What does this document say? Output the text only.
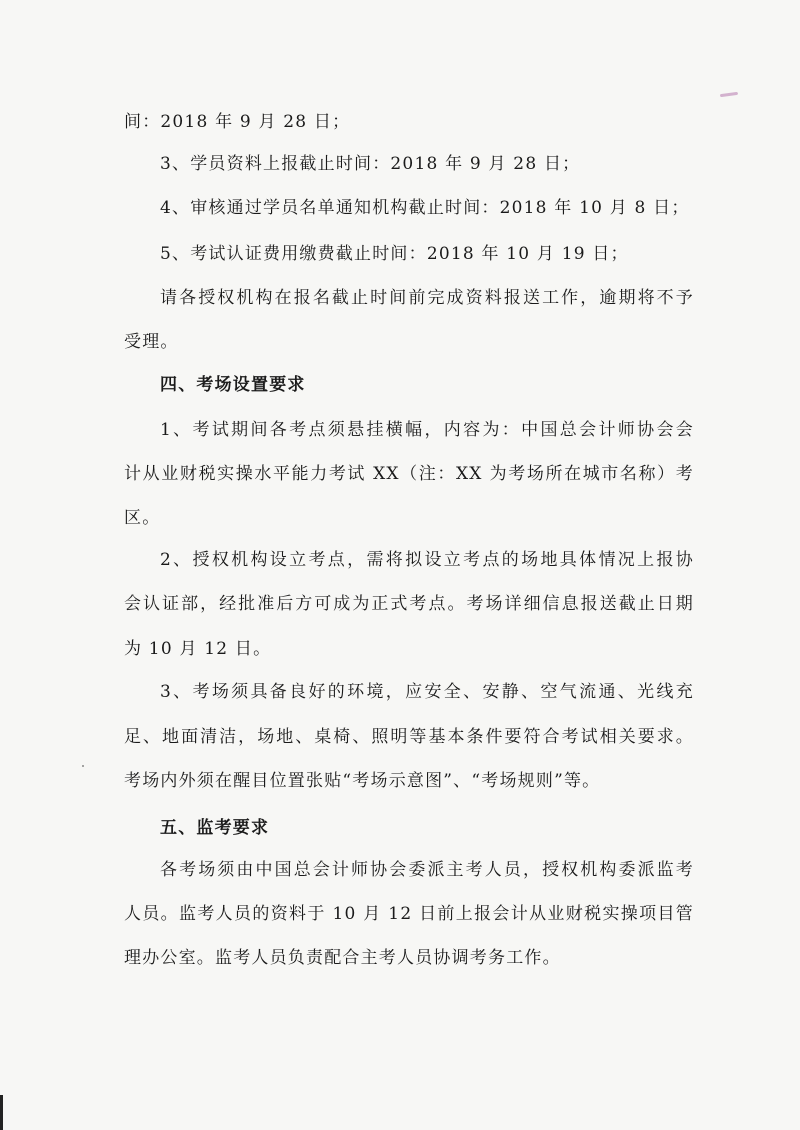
间：2018 年 9 月 28 日；
3、学员资料上报截止时间：2018 年 9 月 28 日；
4、审核通过学员名单通知机构截止时间：2018 年 10 月 8 日；
5、考试认证费用缴费截止时间：2018 年 10 月 19 日；
请各授权机构在报名截止时间前完成资料报送工作，逾期将不予
受理。
四、考场设置要求
1、考试期间各考点须悬挂横幅，内容为：中国总会计师协会会
计从业财税实操水平能力考试 XX（注：XX 为考场所在城市名称）考
区。
2、授权机构设立考点，需将拟设立考点的场地具体情况上报协
会认证部，经批准后方可成为正式考点。考场详细信息报送截止日期
为 10 月 12 日。
3、考场须具备良好的环境，应安全、安静、空气流通、光线充
足、地面清洁，场地、桌椅、照明等基本条件要符合考试相关要求。
考场内外须在醒目位置张贴“考场示意图”、“考场规则”等。
五、监考要求
各考场须由中国总会计师协会委派主考人员，授权机构委派监考
人员。监考人员的资料于 10 月 12 日前上报会计从业财税实操项目管
理办公室。监考人员负责配合主考人员协调考务工作。
